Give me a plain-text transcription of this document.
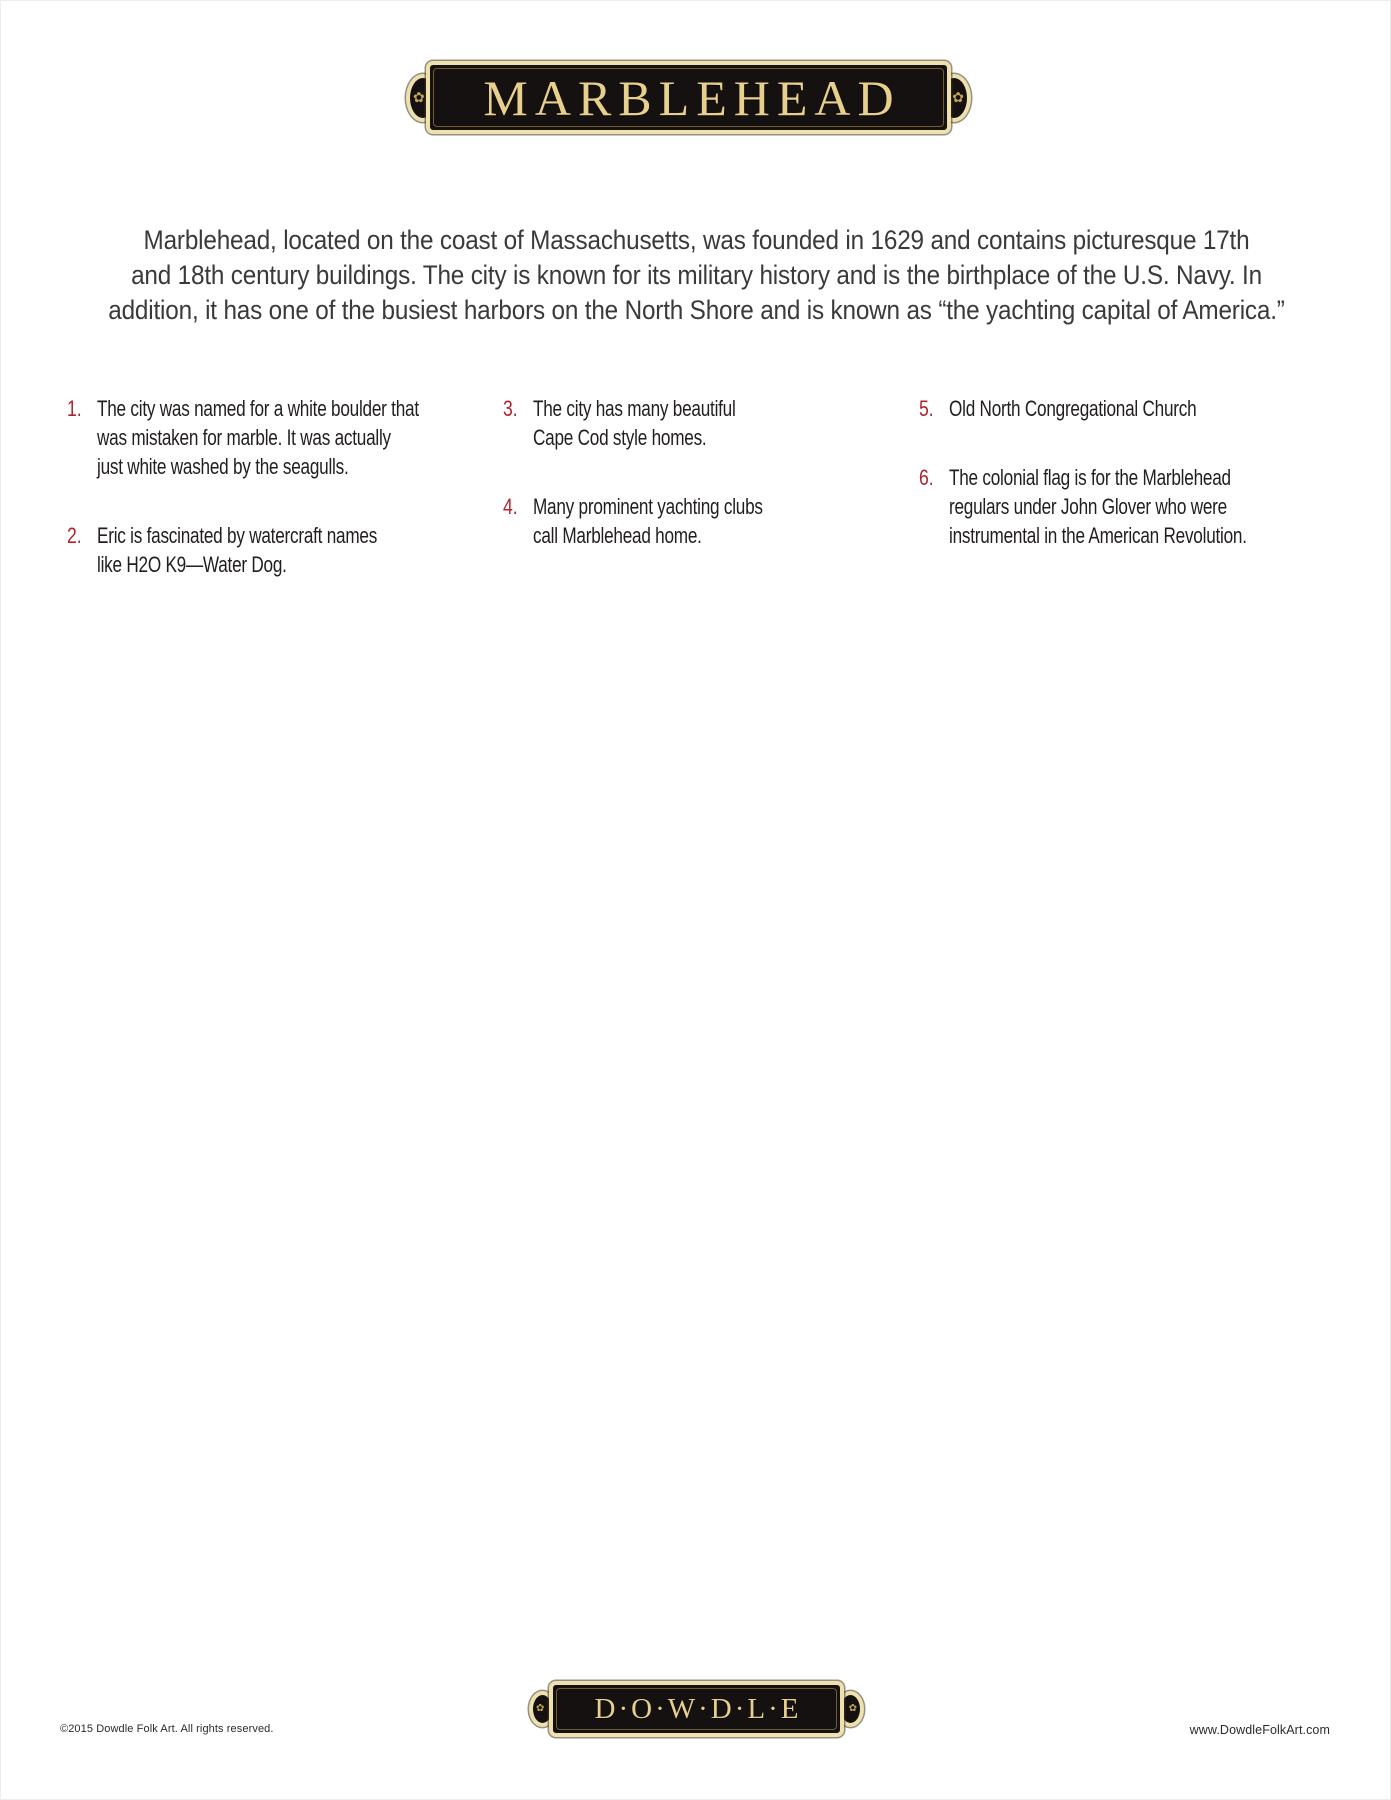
✿	✿
MARBLEHEAD
Marblehead, located on the coast of Massachusetts, was founded in 1629 and contains picturesque 17th
and 18th century buildings. The city is known for its military history and is the birthplace of the U.S. Navy. In
addition, it has one of the busiest harbors on the North Shore and is known as “the yachting capital of America.”
1. The city was named for a white boulder that
was mistaken for marble. It was actually
just white washed by the seagulls.
2. Eric is fascinated by watercraft names
like H2O K9—Water Dog.
3. The city has many beautiful
Cape Cod style homes.
4. Many prominent yachting clubs
call Marblehead home.
5. Old North Congregational Church
6. The colonial flag is for the Marblehead
regulars under John Glover who were
instrumental in the American Revolution.
✿	✿
D·O·W·D·L·E
©2015 Dowdle Folk Art. All rights reserved.	www.DowdleFolkArt.com
